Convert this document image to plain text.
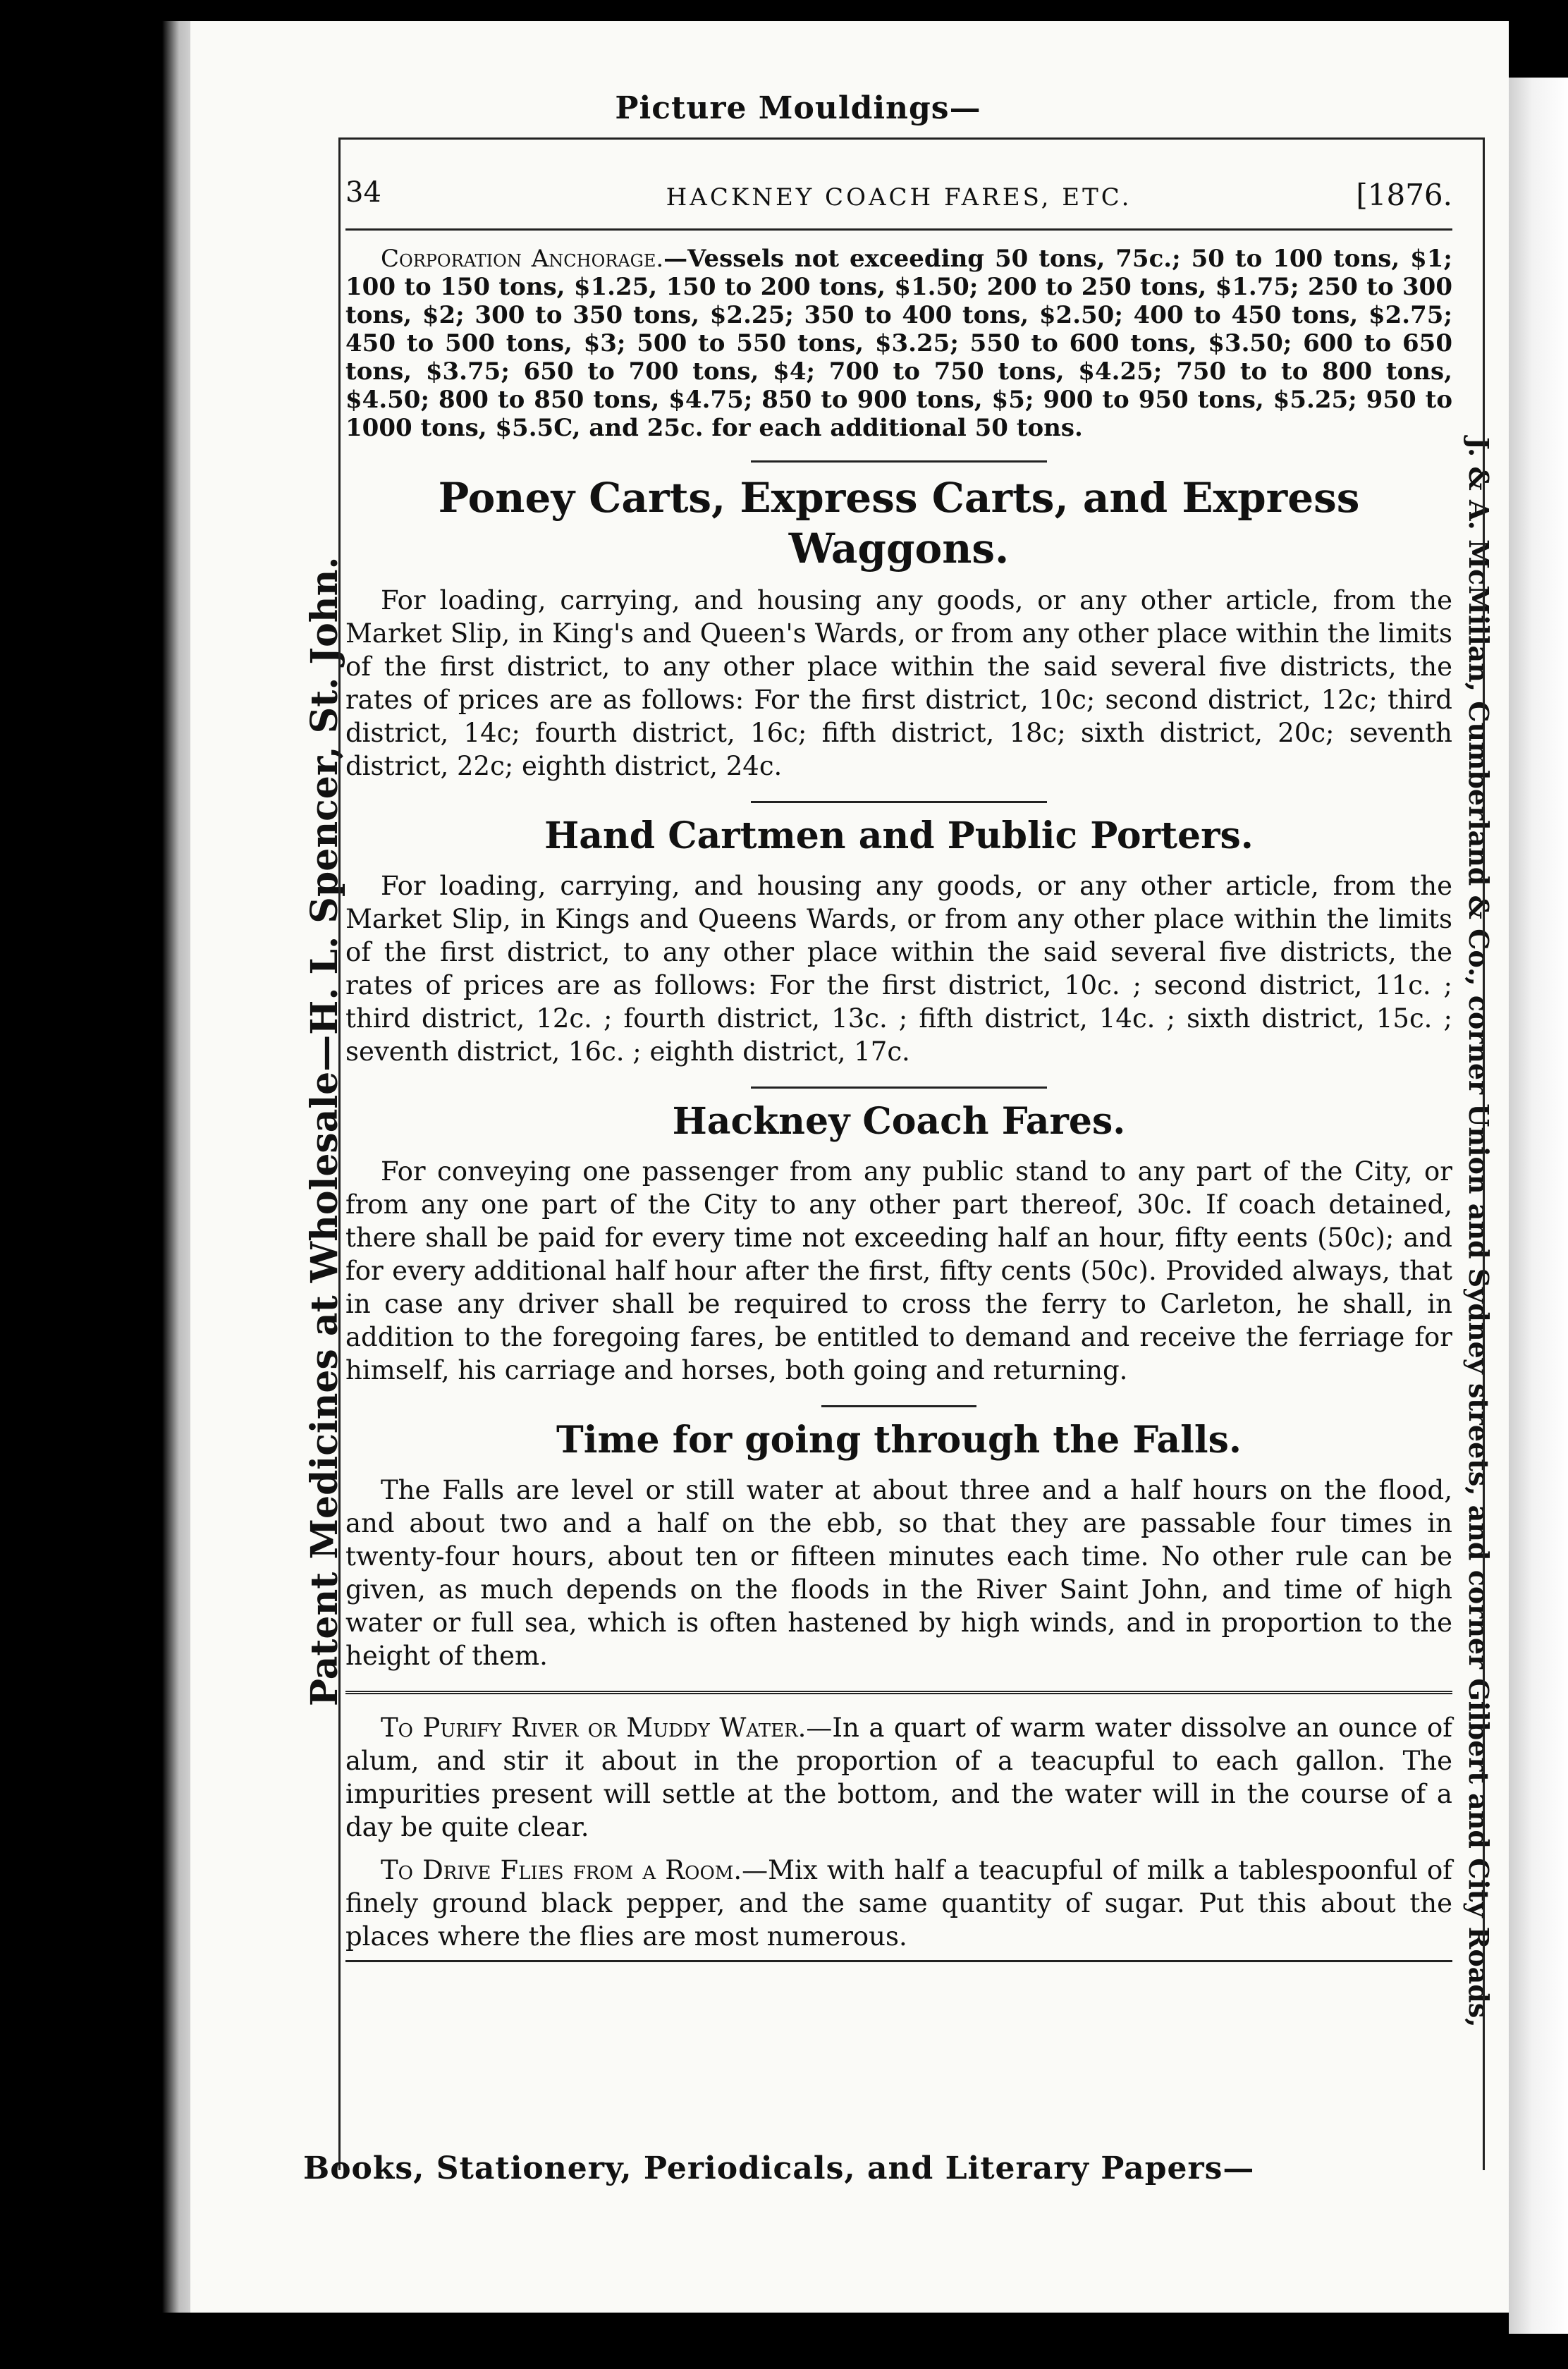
Picture Mouldings—
Patent Medicines at Wholesale—H. L. Spencer, St. John.	J. & A. McMillan, Cumberland & Co., corner Union and Sydney streets, and corner Gilbert and City Roads,
34	HACKNEY COACH FARES, ETC.	[1876.

Corporation Anchorage.—Vessels not exceeding 50 tons, 75c.; 50 to 100 tons, $1; 100 to 150 tons, $1.25, 150 to 200 tons, $1.50; 200 to 250 tons, $1.75; 250 to 300 tons, $2; 300 to 350 tons, $2.25; 350 to 400 tons, $2.50; 400 to 450 tons, $2.75; 450 to 500 tons, $3; 500 to 550 tons, $3.25; 550 to 600 tons, $3.50; 600 to 650 tons, $3.75; 650 to 700 tons, $4; 700 to 750 tons, $4.25; 750 to to 800 tons, $4.50; 800 to 850 tons, $4.75; 850 to 900 tons, $5; 900 to 950 tons, $5.25; 950 to 1000 tons, $5.5C, and 25c. for each additional 50 tons.

Poney Carts, Express Carts, and Express Waggons.

For loading, carrying, and housing any goods, or any other article, from the Market Slip, in King's and Queen's Wards, or from any other place within the limits of the first district, to any other place within the said several five districts, the rates of prices are as follows: For the first district, 10c; second district, 12c; third district, 14c; fourth district, 16c; fifth district, 18c; sixth district, 20c; seventh district, 22c; eighth district, 24c.

Hand Cartmen and Public Porters.

For loading, carrying, and housing any goods, or any other article, from the Market Slip, in Kings and Queens Wards, or from any other place within the limits of the first district, to any other place within the said several five districts, the rates of prices are as follows: For the first district, 10c. ; second district, 11c. ; third district, 12c. ; fourth district, 13c. ; fifth district, 14c. ; sixth district, 15c. ; seventh district, 16c. ; eighth district, 17c.

Hackney Coach Fares.

For conveying one passenger from any public stand to any part of the City, or from any one part of the City to any other part thereof, 30c. If coach detained, there shall be paid for every time not exceeding half an hour, fifty eents (50c); and for every additional half hour after the first, fifty cents (50c). Provided always, that in case any driver shall be required to cross the ferry to Carleton, he shall, in addition to the foregoing fares, be entitled to demand and receive the ferriage for himself, his carriage and horses, both going and returning.

Time for going through the Falls.

The Falls are level or still water at about three and a half hours on the flood, and about two and a half on the ebb, so that they are passable four times in twenty-four hours, about ten or fifteen minutes each time. No other rule can be given, as much depends on the floods in the River Saint John, and time of high water or full sea, which is often hastened by high winds, and in proportion to the height of them.

To Purify River or Muddy Water.—In a quart of warm water dissolve an ounce of alum, and stir it about in the proportion of a teacupful to each gallon. The impurities present will settle at the bottom, and the water will in the course of a day be quite clear.

To Drive Flies from a Room.—Mix with half a teacupful of milk a tablespoonful of finely ground black pepper, and the same quantity of sugar. Put this about the places where the flies are most numerous.

Books, Stationery, Periodicals, and Literary Papers—
